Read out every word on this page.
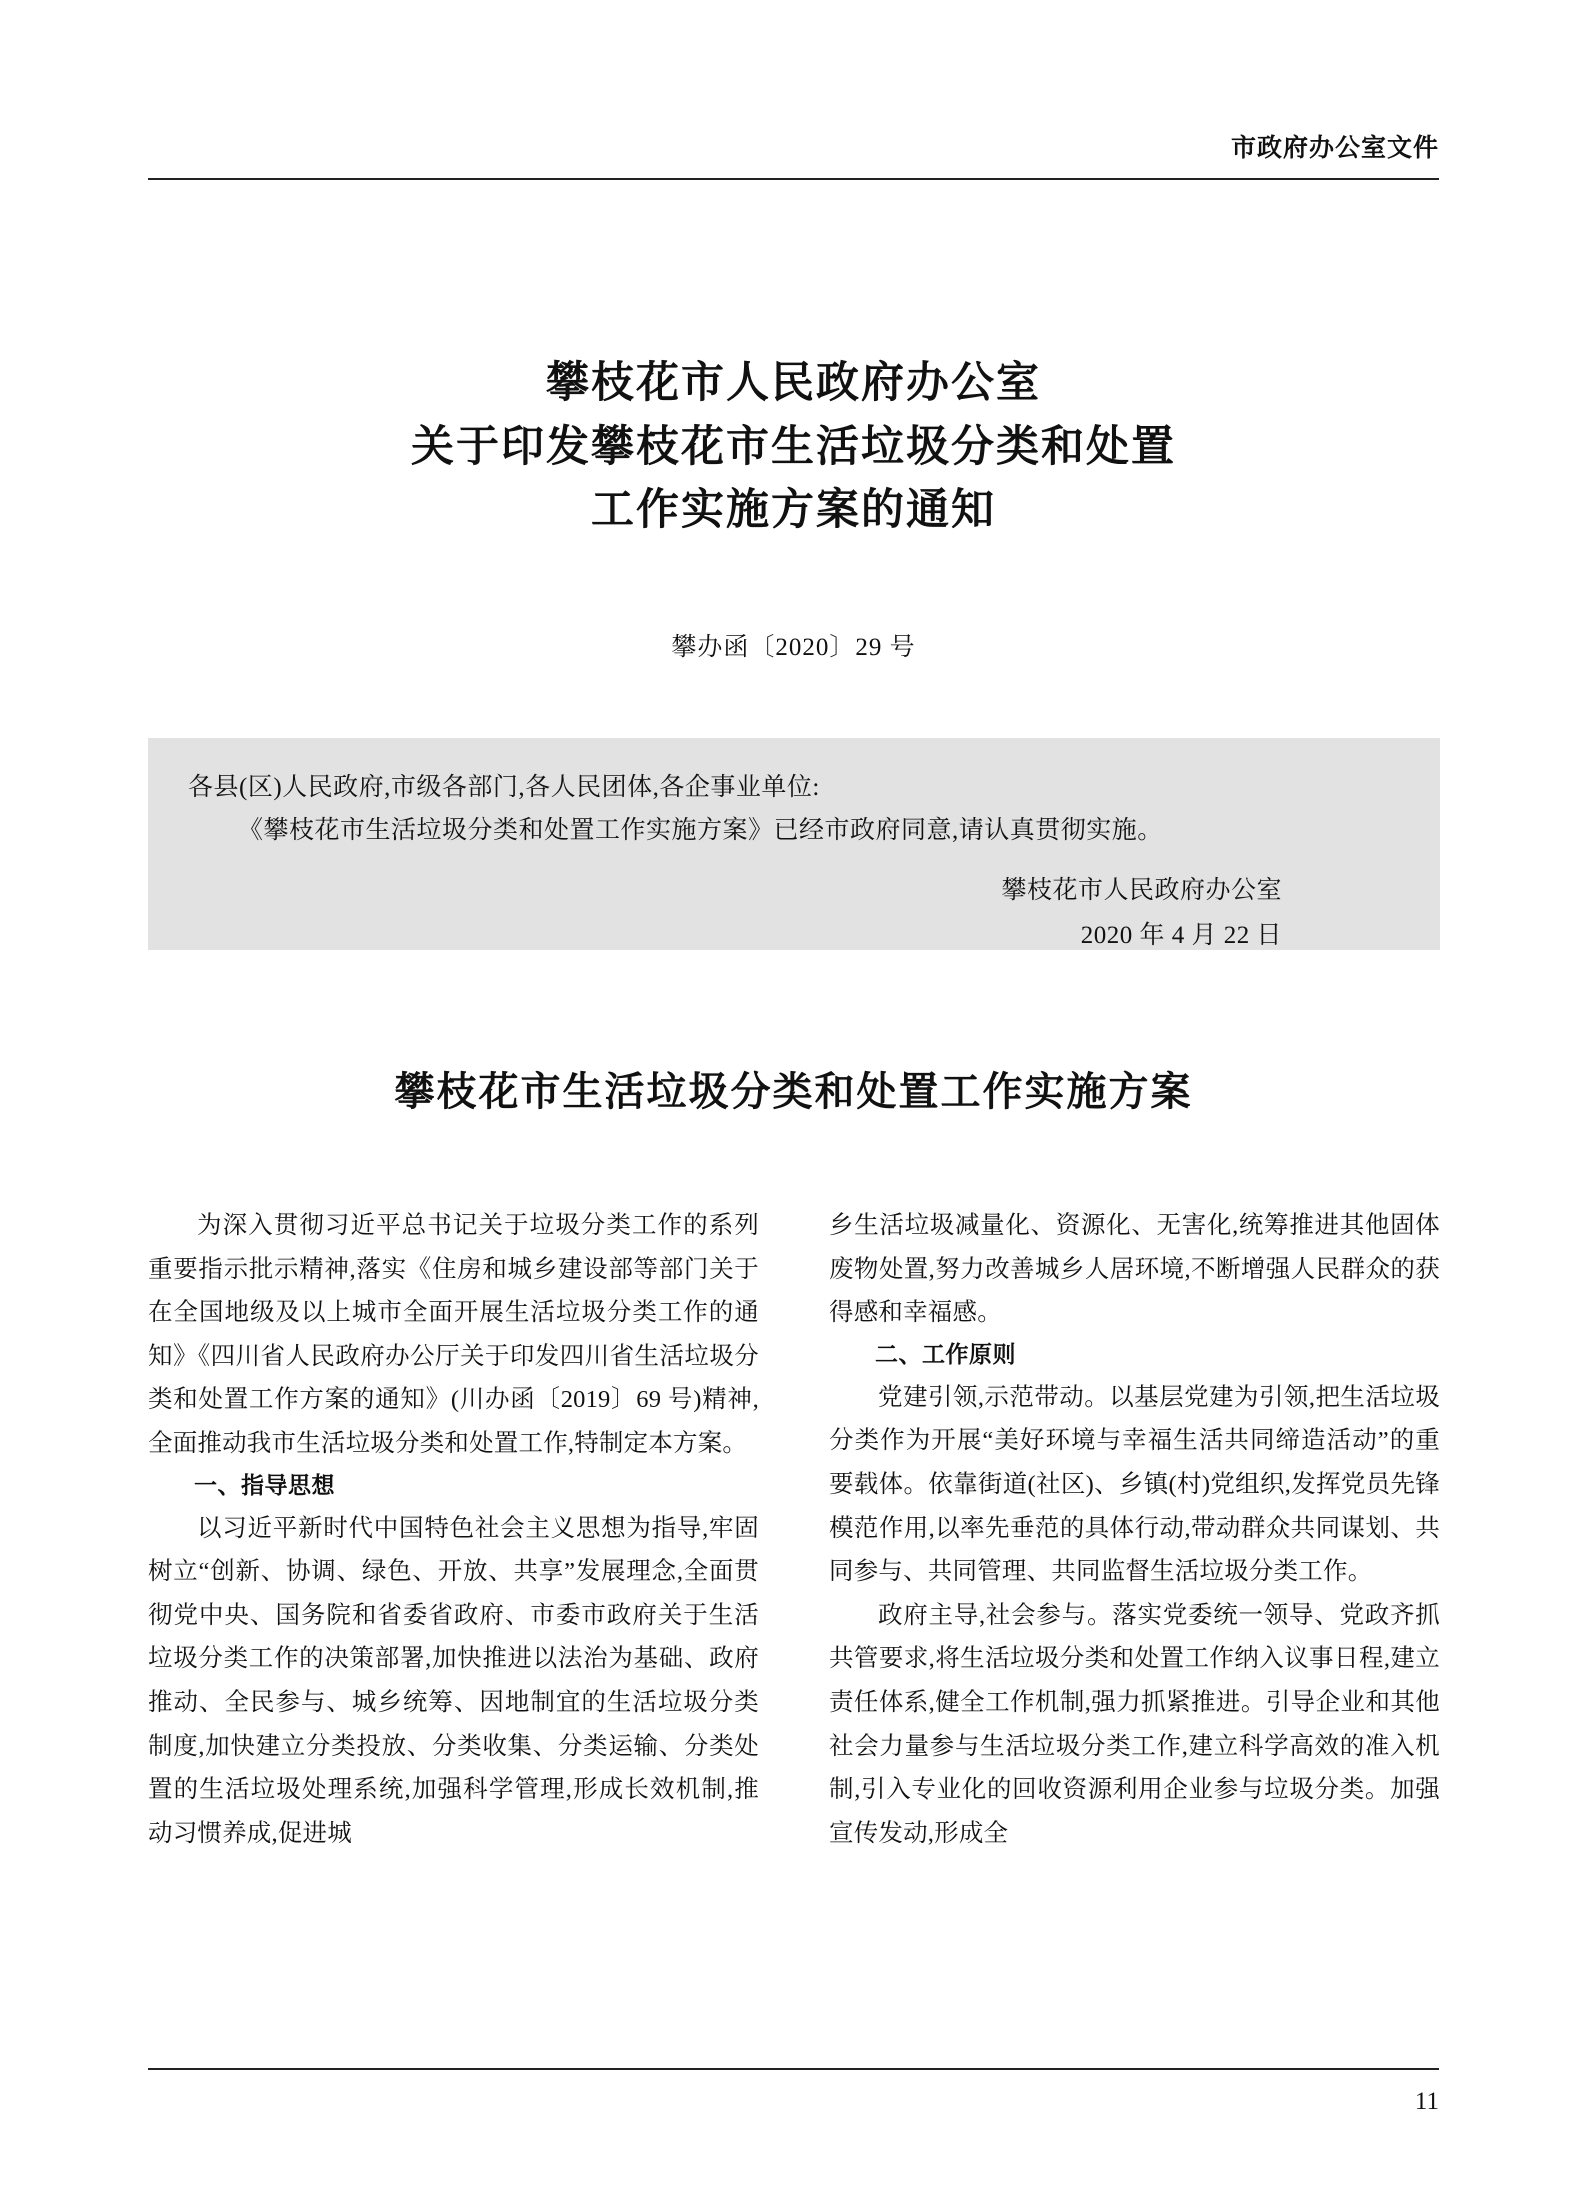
市政府办公室文件
攀枝花市人民政府办公室
关于印发攀枝花市生活垃圾分类和处置
工作实施方案的通知
攀办函〔2020〕29 号

各县(区)人民政府,市级各部门,各人民团体,各企事业单位:

《攀枝花市生活垃圾分类和处置工作实施方案》已经市政府同意,请认真贯彻实施。

攀枝花市人民政府办公室
2020 年 4 月 22 日
攀枝花市生活垃圾分类和处置工作实施方案

为深入贯彻习近平总书记关于垃圾分类工作的系列重要指示批示精神,落实《住房和城乡建设部等部门关于在全国地级及以上城市全面开展生活垃圾分类工作的通知》《四川省人民政府办公厅关于印发四川省生活垃圾分类和处置工作方案的通知》(川办函〔2019〕69 号)精神,全面推动我市生活垃圾分类和处置工作,特制定本方案。

一、指导思想

以习近平新时代中国特色社会主义思想为指导,牢固树立“创新、协调、绿色、开放、共享”发展理念,全面贯彻党中央、国务院和省委省政府、市委市政府关于生活垃圾分类工作的决策部署,加快推进以法治为基础、政府推动、全民参与、城乡统筹、因地制宜的生活垃圾分类制度,加快建立分类投放、分类收集、分类运输、分类处置的生活垃圾处理系统,加强科学管理,形成长效机制,推动习惯养成,促进城

乡生活垃圾减量化、资源化、无害化,统筹推进其他固体废物处置,努力改善城乡人居环境,不断增强人民群众的获得感和幸福感。

二、工作原则

党建引领,示范带动。以基层党建为引领,把生活垃圾分类作为开展“美好环境与幸福生活共同缔造活动”的重要载体。依靠街道(社区)、乡镇(村)党组织,发挥党员先锋模范作用,以率先垂范的具体行动,带动群众共同谋划、共同参与、共同管理、共同监督生活垃圾分类工作。

政府主导,社会参与。落实党委统一领导、党政齐抓共管要求,将生活垃圾分类和处置工作纳入议事日程,建立责任体系,健全工作机制,强力抓紧推进。引导企业和其他社会力量参与生活垃圾分类工作,建立科学高效的准入机制,引入专业化的回收资源利用企业参与垃圾分类。加强宣传发动,形成全

11
